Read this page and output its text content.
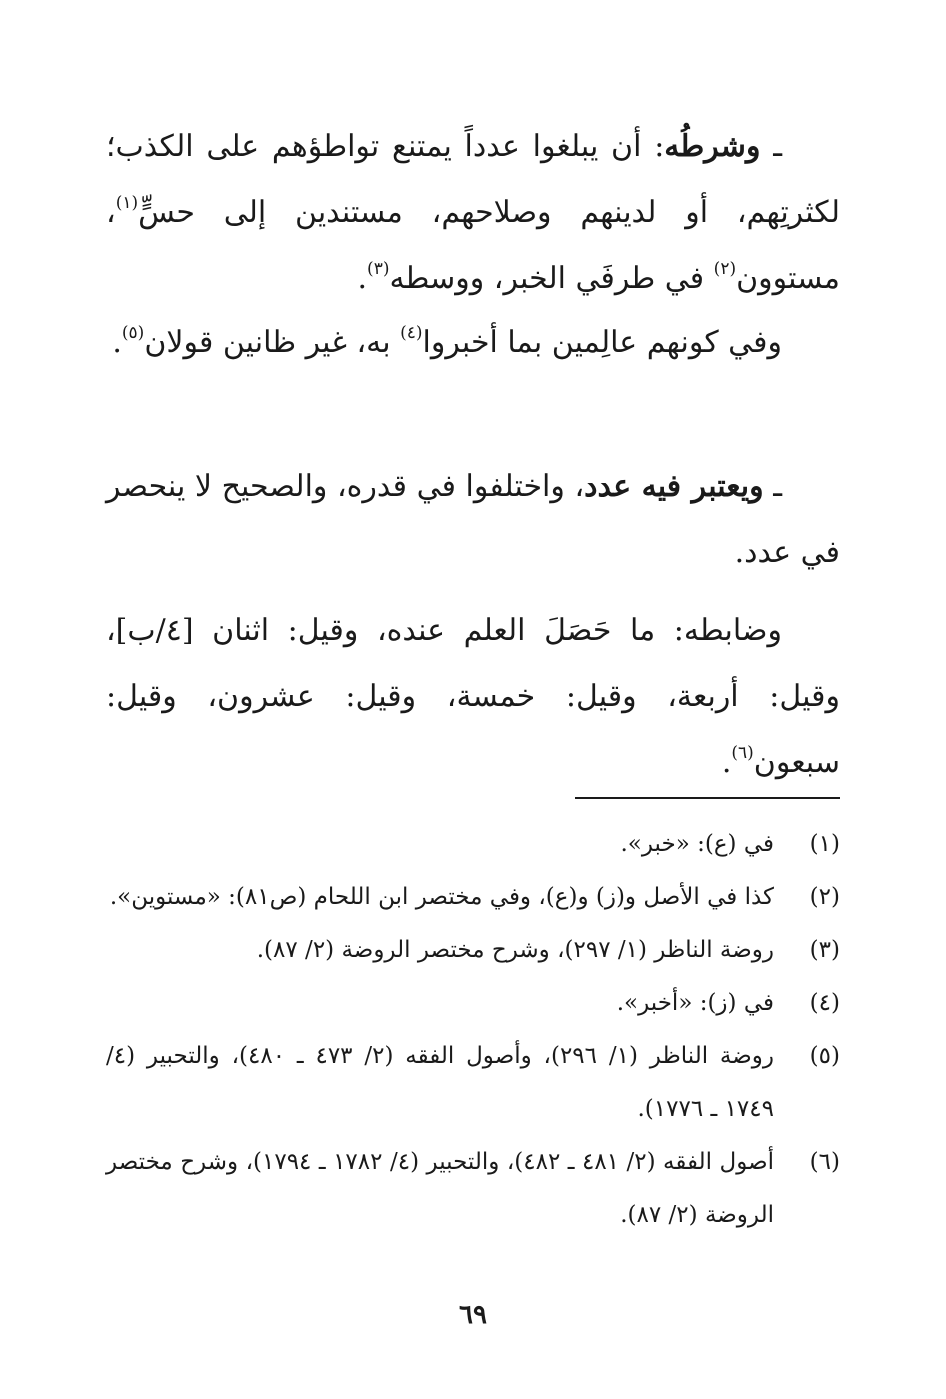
ـ وشرطُه: أن يبلغوا عدداً يمتنع تواطؤهم على الكذب؛ لكثرتِهم، أو لدينهم وصلاحهم، مستندين إلى حسٍّ$^{(١)}$، مستوون$^{(٢)}$ في طرفَي الخبر، ووسطه$^{(٣)}$.

وفي كونهم عالِمين بما أخبروا$^{(٤)}$ به، غير ظانين قولان$^{(٥)}$.

ـ ويعتبر فيه عدد، واختلفوا في قدره، والصحيح لا ينحصر في عدد.

وضابطه: ما حَصَلَ العلم عنده، وقيل: اثنان [٤/ب]، وقيل: أربعة، وقيل: خمسة، وقيل: عشرون، وقيل: سبعون$^{(٦)}$.

(١)
في (ع): «خبر».
(٢)
كذا في الأصل و(ز) و(ع)، وفي مختصر ابن اللحام (ص٨١): «مستوين».
(٣)
روضة الناظر (١/ ٢٩٧)، وشرح مختصر الروضة (٢/ ٨٧).
(٤)
في (ز): «أخبر».
(٥)
روضة الناظر (١/ ٢٩٦)، وأصول الفقه (٢/ ٤٧٣ ـ ٤٨٠)، والتحبير (٤/ ١٧٤٩ ـ ١٧٧٦).
(٦)
أصول الفقه (٢/ ٤٨١ ـ ٤٨٢)، والتحبير (٤/ ١٧٨٢ ـ ١٧٩٤)، وشرح مختصر الروضة (٢/ ٨٧).
٦٩
